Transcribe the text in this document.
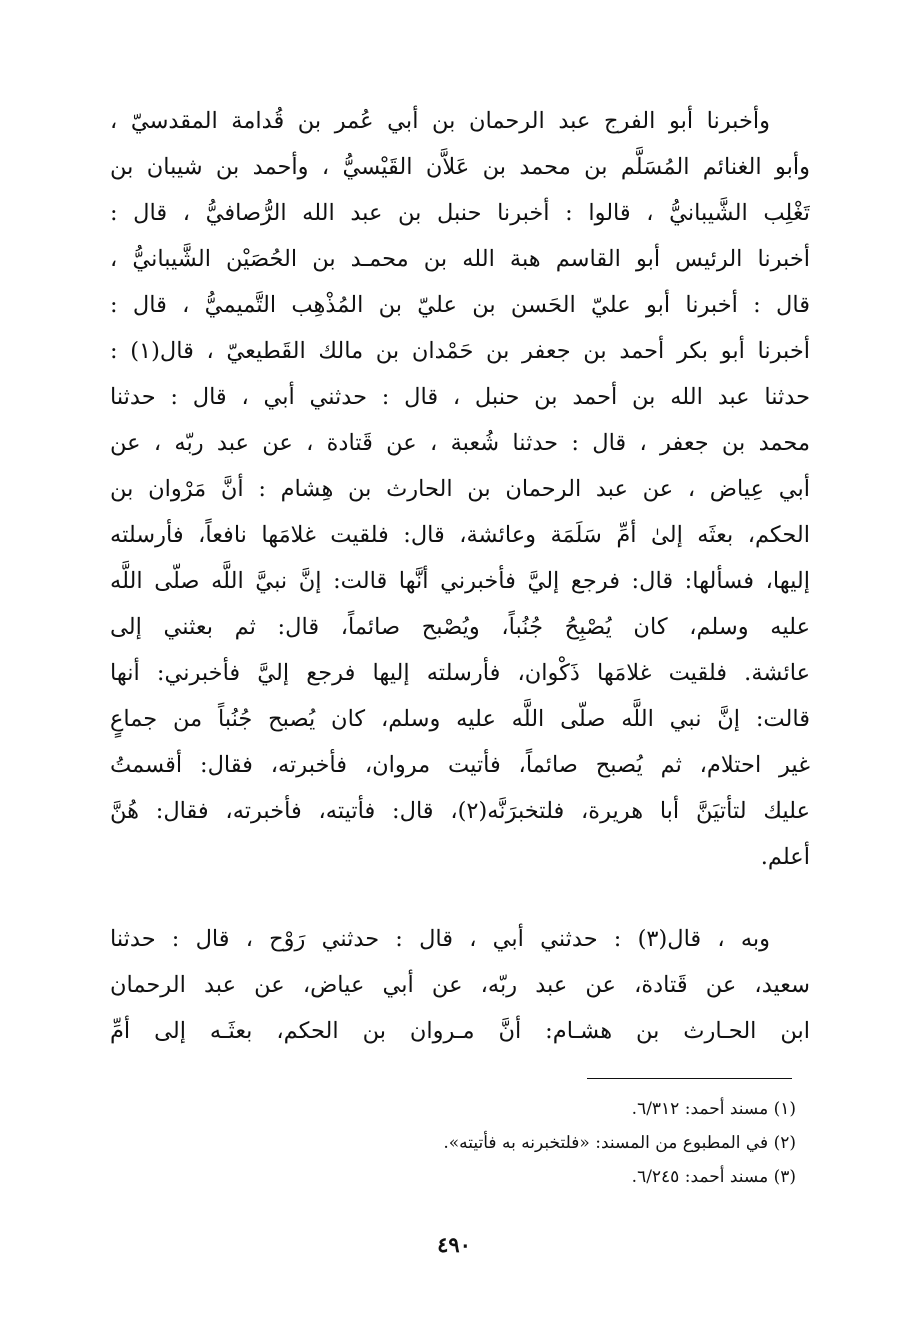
وأخبرنا أبو الفرج عبد الرحمان بن أبي عُمر بن قُدامة المقدسيّ ،
وأبو الغنائم المُسَلَّم بن محمد بن عَلاَّن القَيْسيُّ ، وأحمد بن شيبان بن
تَغْلِب الشَّيبانيُّ ، قالوا : أخبرنا حنبل بن عبد الله الرُّصافيُّ ، قال :
أخبرنا الرئيس أبو القاسم هبة الله بن محمـد بن الحُصَيْن الشَّيبانيُّ ،
قال : أخبرنا أبو عليّ الحَسن بن عليّ بن المُذْهِب التَّميميُّ ، قال :
أخبرنا أبو بكر أحمد بن جعفر بن حَمْدان بن مالك القَطيعيّ ، قال(١) :
حدثنا عبد الله بن أحمد بن حنبل ، قال : حدثني أبي ، قال : حدثنا
محمد بن جعفر ، قال : حدثنا شُعبة ، عن قَتادة ، عن عبد ربّه ، عن
أبي عِياض ، عن عبد الرحمان بن الحارث بن هِشام : أنَّ مَرْوان بن
الحكم، بعثَه إلىٰ أمِّ سَلَمَة وعائشة، قال: فلقيت غلامَها نافعاً، فأرسلته
إليها، فسألها: قال: فرجع إليَّ فأخبرني أنَّها قالت: إنَّ نبيَّ اللَّه صلّى اللَّه
عليه وسلم، كان يُصْبِحُ جُنُباً، ويُصْبح صائماً، قال: ثم بعثني إلى
عائشة. فلقيت غلامَها ذَكْوان، فأرسلته إليها فرجع إليَّ فأخبرني: أنها
قالت: إنَّ نبي اللَّه صلّى اللَّه عليه وسلم، كان يُصبح جُنُباً من جماعٍ
غير احتلام، ثم يُصبح صائماً، فأتيت مروان، فأخبرته، فقال: أقسمتُ
عليك لتأتيَنَّ أبا هريرة، فلتخبرَنَّه(٢)، قال: فأتيته، فأخبرته، فقال: هُنَّ
أعلم.
وبه ، قال(٣) : حدثني أبي ، قال : حدثني رَوْح ، قال : حدثنا
سعيد، عن قَتادة، عن عبد ربّه، عن أبي عياض، عن عبد الرحمان
ابن الحـارث بن هشـام: أنَّ مـروان بن الحكم، بعثَـه إلى أمِّ
(١) مسند أحمد: ٦/٣١٢.
(٢) في المطبوع من المسند: «فلتخبرنه به فأتيته».
(٣) مسند أحمد: ٦/٢٤٥.
٤٩٠
